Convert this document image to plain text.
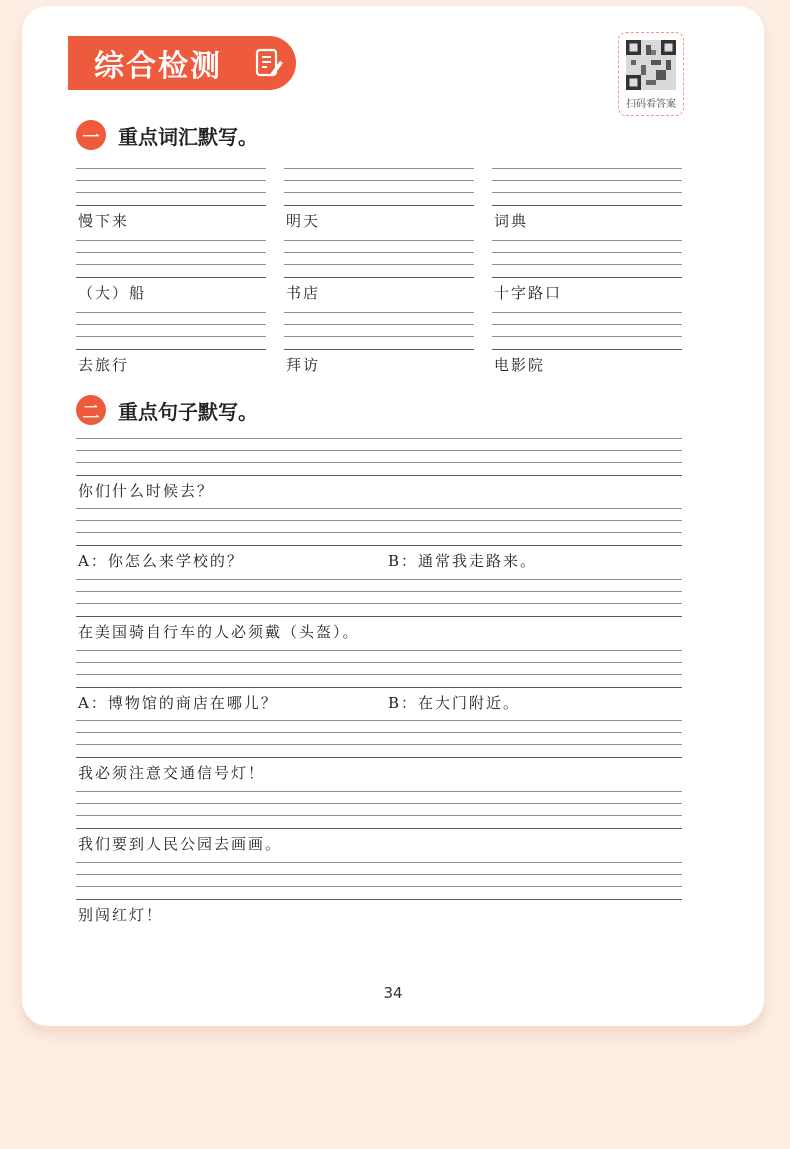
综合检测
扫码看答案
一 重点词汇默写。
慢下来	明天	词典
（大）船	书店	十字路口
去旅行	拜访	电影院
二 重点句子默写。
你们什么时候去？
A：你怎么来学校的？	B：通常我走路来。
在美国骑自行车的人必须戴（头盔）。
A：博物馆的商店在哪儿？	B：在大门附近。
我必须注意交通信号灯！
我们要到人民公园去画画。
别闯红灯！
34
